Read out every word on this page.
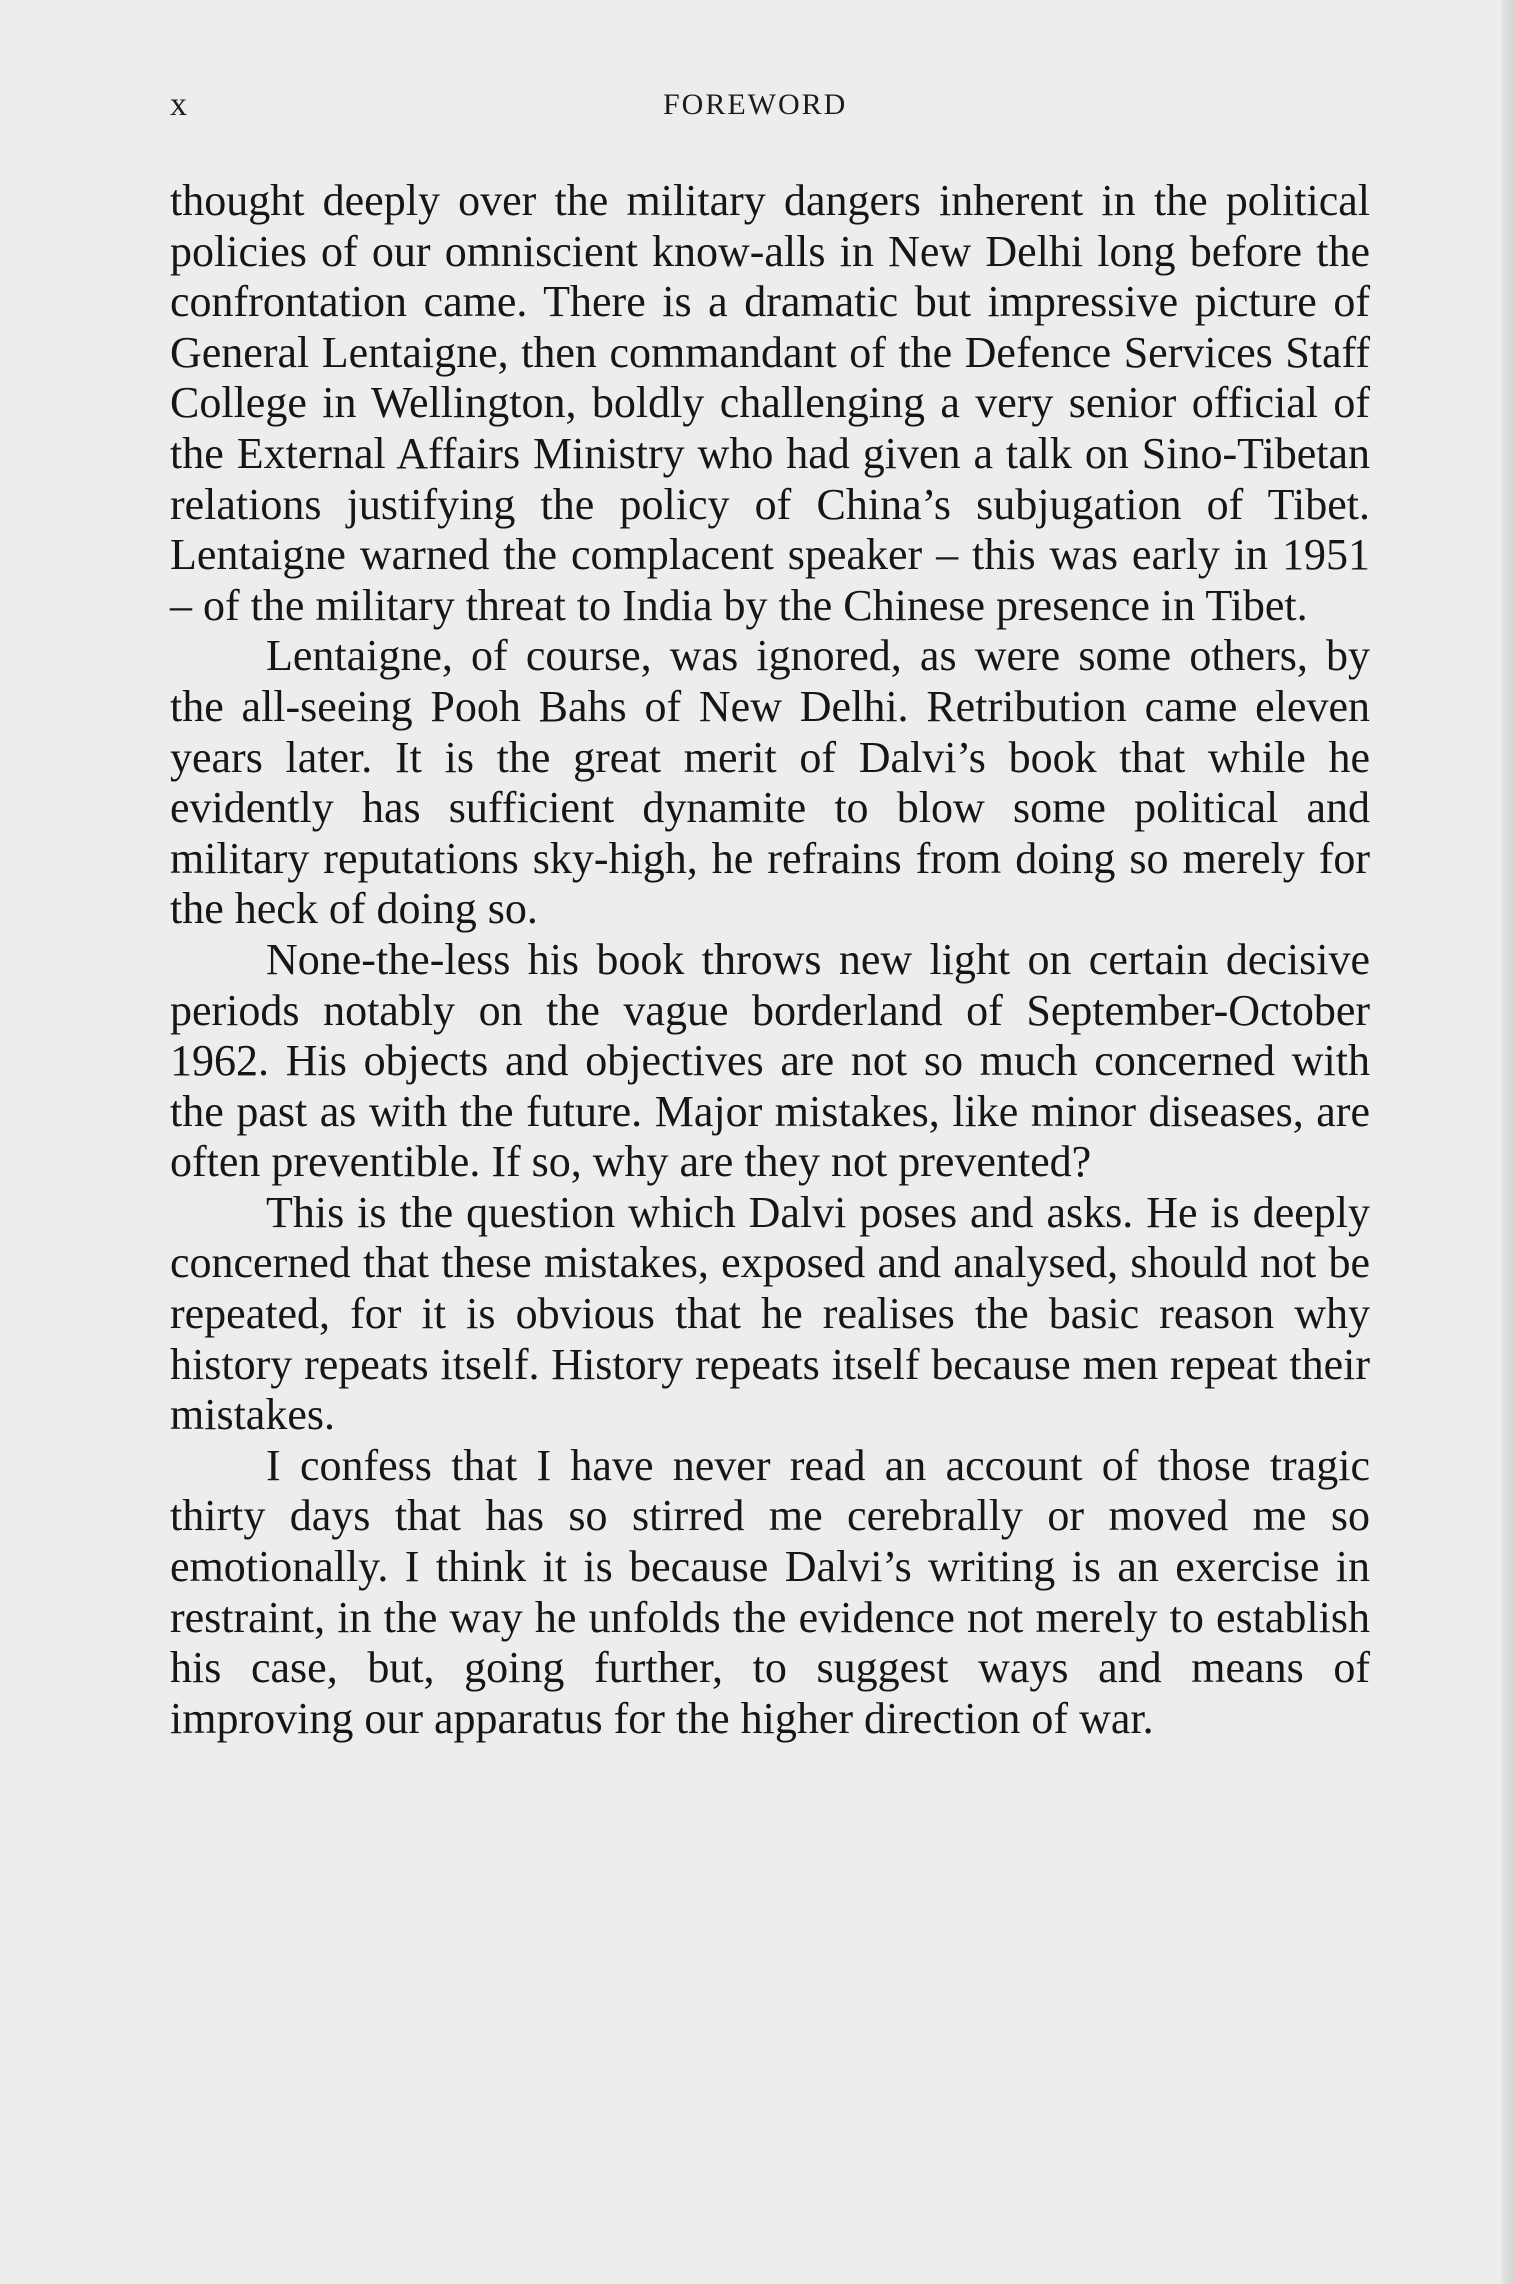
x	FOREWORD

thought deeply over the military dangers inherent in the political policies of our omniscient know-alls in New Delhi long before the confrontation came. There is a dramatic but impressive picture of General Lentaigne, then commandant of the Defence Services Staff College in Wellington, boldly challenging a very senior official of the External Affairs Ministry who had given a talk on Sino-Tibetan relations justifying the policy of China’s subjugation of Tibet. Lentaigne warned the complacent speaker – this was early in 1951 – of the military threat to India by the Chinese presence in Tibet.

Lentaigne, of course, was ignored, as were some others, by the all-seeing Pooh Bahs of New Delhi. Retribution came eleven years later. It is the great merit of Dalvi’s book that while he evidently has sufficient dynamite to blow some political and military reputations sky-high, he refrains from doing so merely for the heck of doing so.

None-the-less his book throws new light on certain decisive periods notably on the vague borderland of September-October 1962. His objects and objectives are not so much concerned with the past as with the future. Major mistakes, like minor diseases, are often preventible. If so, why are they not prevented?

This is the question which Dalvi poses and asks. He is deeply concerned that these mistakes, exposed and analysed, should not be repeated, for it is obvious that he realises the basic reason why history repeats itself. History repeats itself because men repeat their mistakes.

I confess that I have never read an account of those tragic thirty days that has so stirred me cerebrally or moved me so emotionally. I think it is because Dalvi’s writing is an exercise in restraint, in the way he unfolds the evidence not merely to establish his case, but, going further, to suggest ways and means of improving our apparatus for the higher direction of war.
